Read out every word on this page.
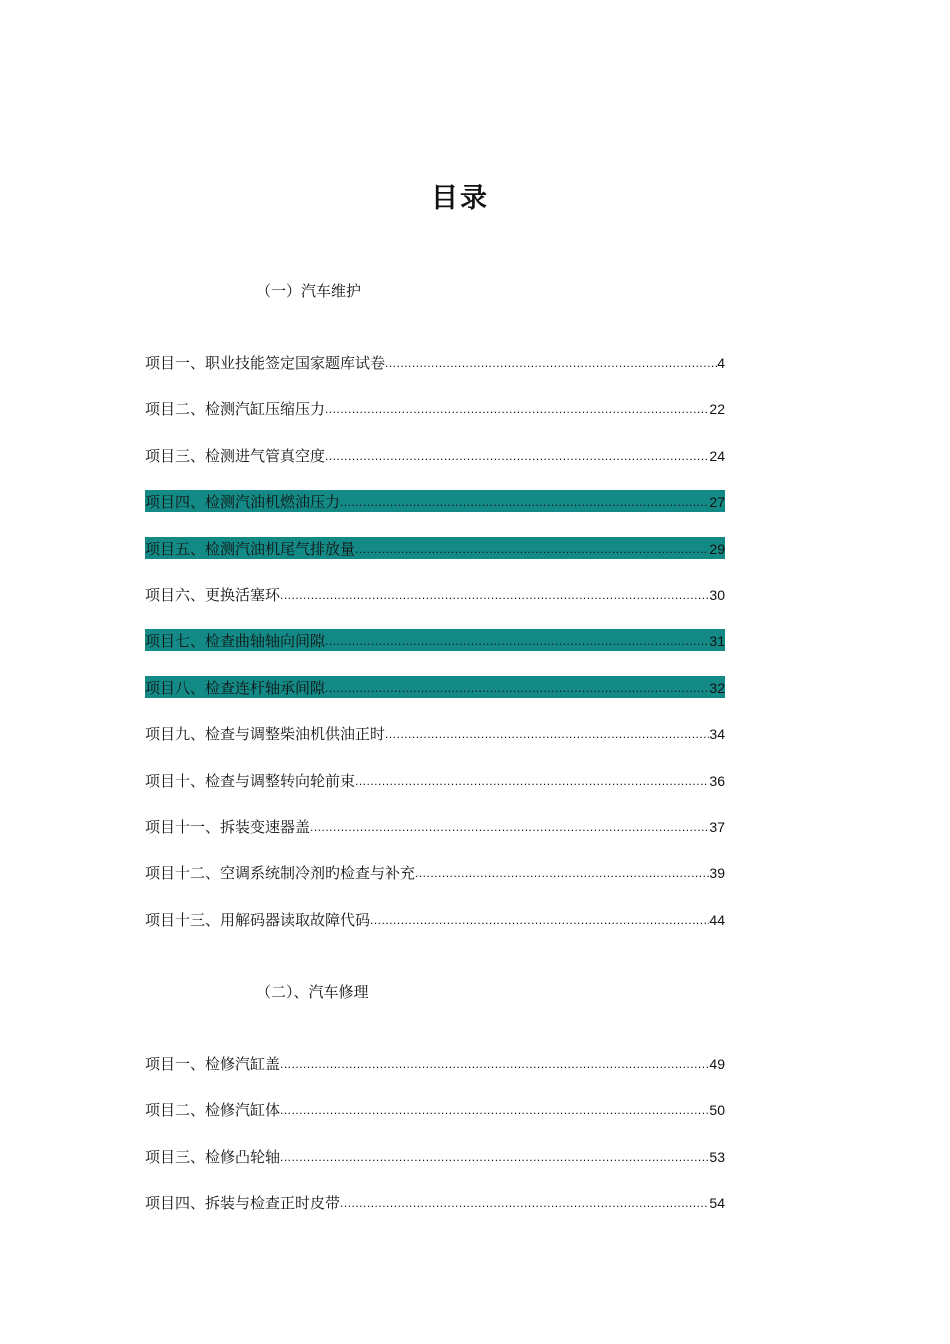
目录
（一）汽车维护
项目一、职业技能签定国家题库试卷 .....	4
项目二、检测汽缸压缩压力 .....	22
项目三、检测进气管真空度 .....	24
项目四、检测汽油机燃油压力 .....	27
项目五、检测汽油机尾气排放量 .....	29
项目六、更换活塞环 .....	30
项目七、检查曲轴轴向间隙 .....	31
项目八、检查连杆轴承间隙 .....	32
项目九、检查与调整柴油机供油正时 .....	34
项目十、检查与调整转向轮前束 .....	36
项目十一、拆装变速器盖 .....	37
项目十二、空调系统制冷剂旳检查与补充 .....	39
项目十三、用解码器读取故障代码 .....	44
（二）、汽车修理
项目一、检修汽缸盖 .....	49
项目二、检修汽缸体 .....	50
项目三、检修凸轮轴 .....	53
项目四、拆装与检查正时皮带 .....	54
